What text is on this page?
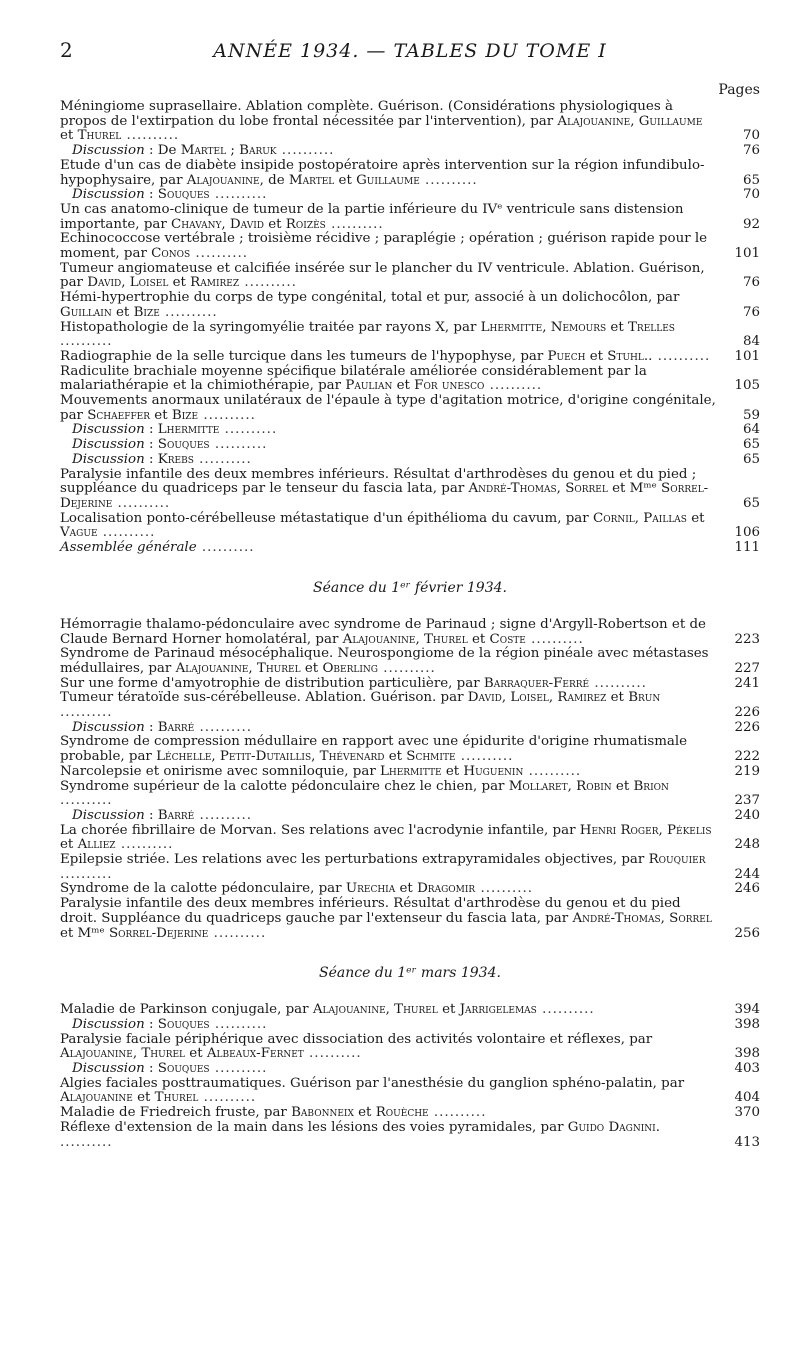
2	ANNÉE 1934. — TABLES DU TOME I
Pages
Méningiome suprasellaire. Ablation complète. Guérison. (Considérations physiologiques à propos de l'extirpation du lobe frontal nécessitée par l'intervention), par Alajouanine, Guillaume et Thurel ..........	70
Discussion : De Martel ; Baruk ..........	76
Etude d'un cas de diabète insipide postopératoire après intervention sur la région infundibulo-hypophysaire, par Alajouanine, de Martel et Guillaume ..........	65
Discussion : Souques ..........	70
Un cas anatomo-clinique de tumeur de la partie inférieure du IVᵉ ventricule sans distension importante, par Chavany, David et Roizès ..........	92
Echinococcose vertébrale ; troisième récidive ; paraplégie ; opération ; guérison rapide pour le moment, par Conos ..........	101
Tumeur angiomateuse et calcifiée insérée sur le plancher du IV ventricule. Ablation. Guérison, par David, Loisel et Ramirez ..........	76
Hémi-hypertrophie du corps de type congénital, total et pur, associé à un dolichocôlon, par Guillain et Bize ..........	76
Histopathologie de la syringomyélie traitée par rayons X, par Lhermitte, Nemours et Trelles ..........	84
Radiographie de la selle turcique dans les tumeurs de l'hypophyse, par Puech et Stuhl.. ..........	101
Radiculite brachiale moyenne spécifique bilatérale améliorée considérablement par la malariathérapie et la chimiothérapie, par Paulian et For unesco ..........	105
Mouvements anormaux unilatéraux de l'épaule à type d'agitation motrice, d'origine congénitale, par Schaeffer et Bize ..........	59
Discussion : Lhermitte ..........	64
Discussion : Souques ..........	65
Discussion : Krebs ..........	65
Paralysie infantile des deux membres inférieurs. Résultat d'arthrodèses du genou et du pied ; suppléance du quadriceps par le tenseur du fascia lata, par André-Thomas, Sorrel et Mᵐᵉ Sorrel-Dejerine ..........	65
Localisation ponto-cérébelleuse métastatique d'un épithélioma du cavum, par Cornil, Paillas et Vague ..........	106
Assemblée générale ..........	111
Séance du 1ᵉʳ février 1934.
Hémorragie thalamo-pédonculaire avec syndrome de Parinaud ; signe d'Argyll-Robertson et de Claude Bernard Horner homolatéral, par Alajouanine, Thurel et Coste ..........	223
Syndrome de Parinaud mésocéphalique. Neurospongiome de la région pinéale avec métastases médullaires, par Alajouanine, Thurel et Oberling ..........	227
Sur une forme d'amyotrophie de distribution particulière, par Barraquer-Ferré ..........	241
Tumeur tératoïde sus-cérébelleuse. Ablation. Guérison. par David, Loisel, Ramirez et Brun ..........	226
Discussion : Barré ..........	226
Syndrome de compression médullaire en rapport avec une épidurite d'origine rhumatismale probable, par Léchelle, Petit-Dutaillis, Thévenard et Schmite ..........	222
Narcolepsie et onirisme avec somniloquie, par Lhermitte et Huguenin ..........	219
Syndrome supérieur de la calotte pédonculaire chez le chien, par Mollaret, Robin et Brion ..........	237
Discussion : Barré ..........	240
La chorée fibrillaire de Morvan. Ses relations avec l'acrodynie infantile, par Henri Roger, Pékelis et Alliez ..........	248
Epilepsie striée. Les relations avec les perturbations extrapyramidales objectives, par Rouquier ..........	244
Syndrome de la calotte pédonculaire, par Urechia et Dragomir ..........	246
Paralysie infantile des deux membres inférieurs. Résultat d'arthrodèse du genou et du pied droit. Suppléance du quadriceps gauche par l'extenseur du fascia lata, par André-Thomas, Sorrel et Mᵐᵉ Sorrel-Dejerine ..........	256
Séance du 1ᵉʳ mars 1934.
Maladie de Parkinson conjugale, par Alajouanine, Thurel et Jarrigelemas ..........	394
Discussion : Souques ..........	398
Paralysie faciale périphérique avec dissociation des activités volontaire et réflexes, par Alajouanine, Thurel et Albeaux-Fernet ..........	398
Discussion : Souques ..........	403
Algies faciales posttraumatiques. Guérison par l'anesthésie du ganglion sphéno-palatin, par Alajouanine et Thurel ..........	404
Maladie de Friedreich fruste, par Babonneix et Rouèche ..........	370
Réflexe d'extension de la main dans les lésions des voies pyramidales, par Guido Dagnini. ..........	413
